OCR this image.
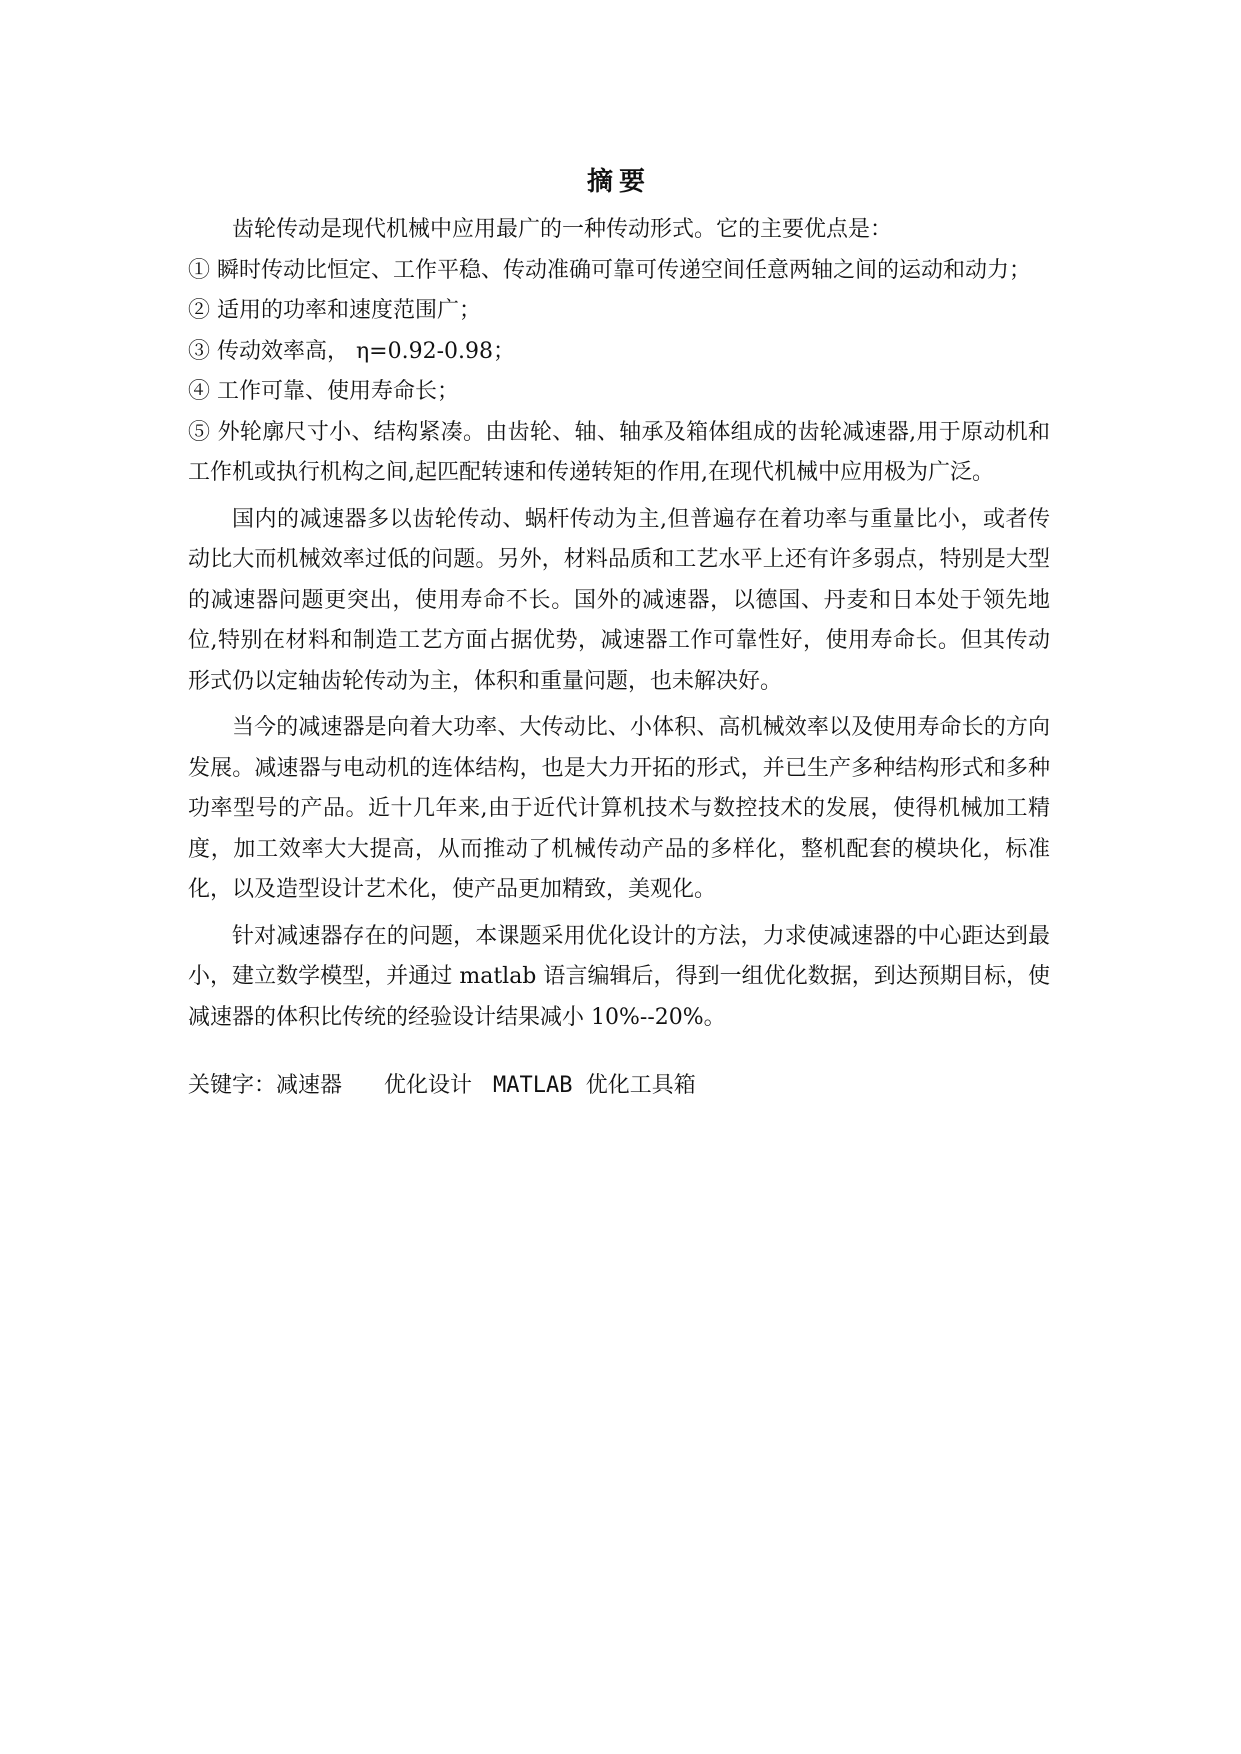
摘要

齿轮传动是现代机械中应用最广的一种传动形式。它的主要优点是：

① 瞬时传动比恒定、工作平稳、传动准确可靠可传递空间任意两轴之间的运动和动力；

② 适用的功率和速度范围广；

③ 传动效率高， η=0.92-0.98；

④ 工作可靠、使用寿命长；

⑤ 外轮廓尺寸小、结构紧凑。由齿轮、轴、轴承及箱体组成的齿轮减速器,用于原动机和工作机或执行机构之间,起匹配转速和传递转矩的作用,在现代机械中应用极为广泛。

国内的减速器多以齿轮传动、蜗杆传动为主,但普遍存在着功率与重量比小，或者传动比大而机械效率过低的问题。另外，材料品质和工艺水平上还有许多弱点，特别是大型的减速器问题更突出，使用寿命不长。国外的减速器，以德国、丹麦和日本处于领先地位,特别在材料和制造工艺方面占据优势，减速器工作可靠性好，使用寿命长。但其传动形式仍以定轴齿轮传动为主，体积和重量问题，也未解决好。

当今的减速器是向着大功率、大传动比、小体积、高机械效率以及使用寿命长的方向发展。减速器与电动机的连体结构，也是大力开拓的形式，并已生产多种结构形式和多种功率型号的产品。近十几年来,由于近代计算机技术与数控技术的发展，使得机械加工精度，加工效率大大提高，从而推动了机械传动产品的多样化，整机配套的模块化，标准化，以及造型设计艺术化，使产品更加精致，美观化。

针对减速器存在的问题，本课题采用优化设计的方法，力求使减速器的中心距达到最小，建立数学模型，并通过 matlab 语言编辑后，得到一组优化数据，到达预期目标，使减速器的体积比传统的经验设计结果减小 10%--20%。

关键字：减速器 优化设计 MATLAB 优化工具箱
